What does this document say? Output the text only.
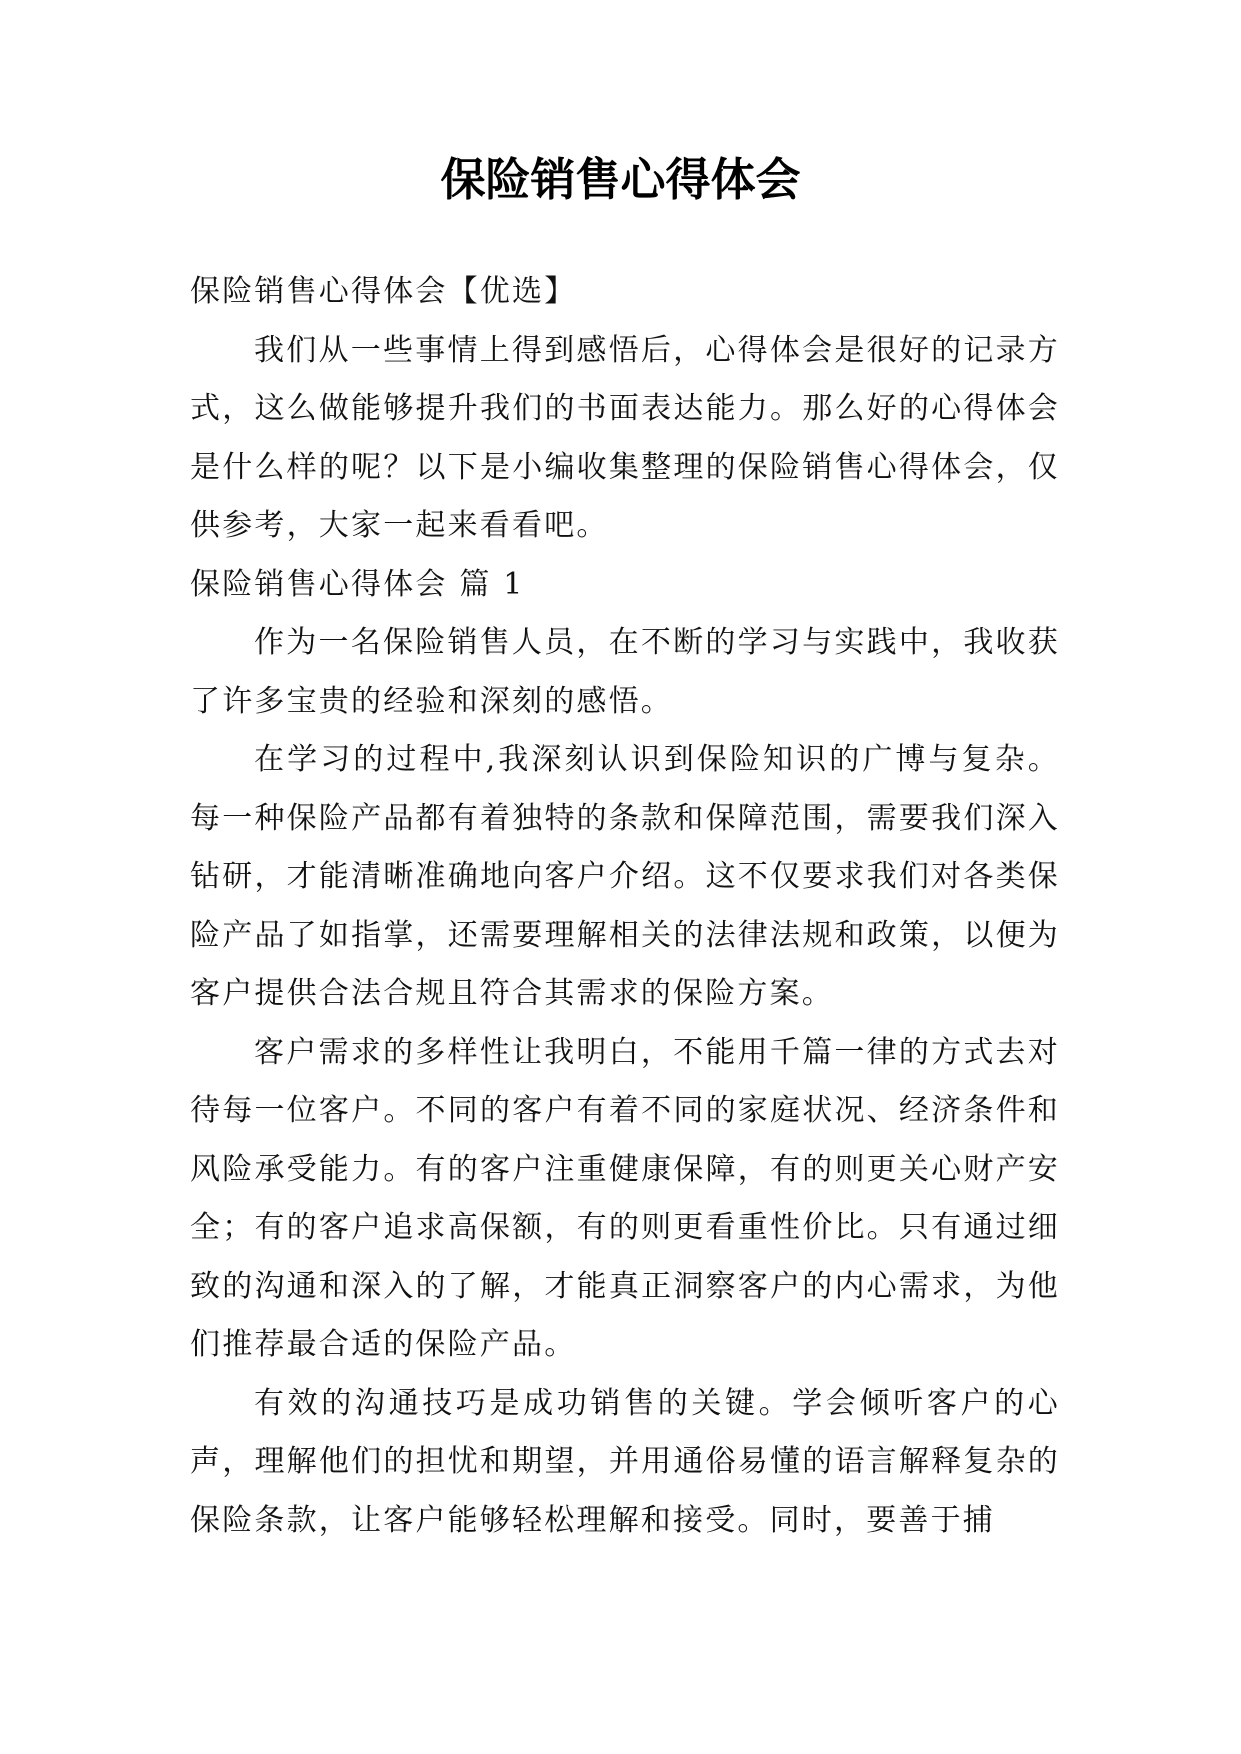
保险销售心得体会

保险销售心得体会【优选】

我们从一些事情上得到感悟后，心得体会是很好的记录方式，这么做能够提升我们的书面表达能力。那么好的心得体会是什么样的呢？以下是小编收集整理的保险销售心得体会，仅供参考，大家一起来看看吧。

保险销售心得体会 篇 1

作为一名保险销售人员，在不断的学习与实践中，我收获了许多宝贵的经验和深刻的感悟。

在学习的过程中,我深刻认识到保险知识的广博与复杂。每一种保险产品都有着独特的条款和保障范围，需要我们深入钻研，才能清晰准确地向客户介绍。这不仅要求我们对各类保险产品了如指掌，还需要理解相关的法律法规和政策，以便为客户提供合法合规且符合其需求的保险方案。

客户需求的多样性让我明白，不能用千篇一律的方式去对待每一位客户。不同的客户有着不同的家庭状况、经济条件和风险承受能力。有的客户注重健康保障，有的则更关心财产安全；有的客户追求高保额，有的则更看重性价比。只有通过细致的沟通和深入的了解，才能真正洞察客户的内心需求，为他们推荐最合适的保险产品。

有效的沟通技巧是成功销售的关键。学会倾听客户的心声，理解他们的担忧和期望，并用通俗易懂的语言解释复杂的保险条款，让客户能够轻松理解和接受。同时，要善于捕
